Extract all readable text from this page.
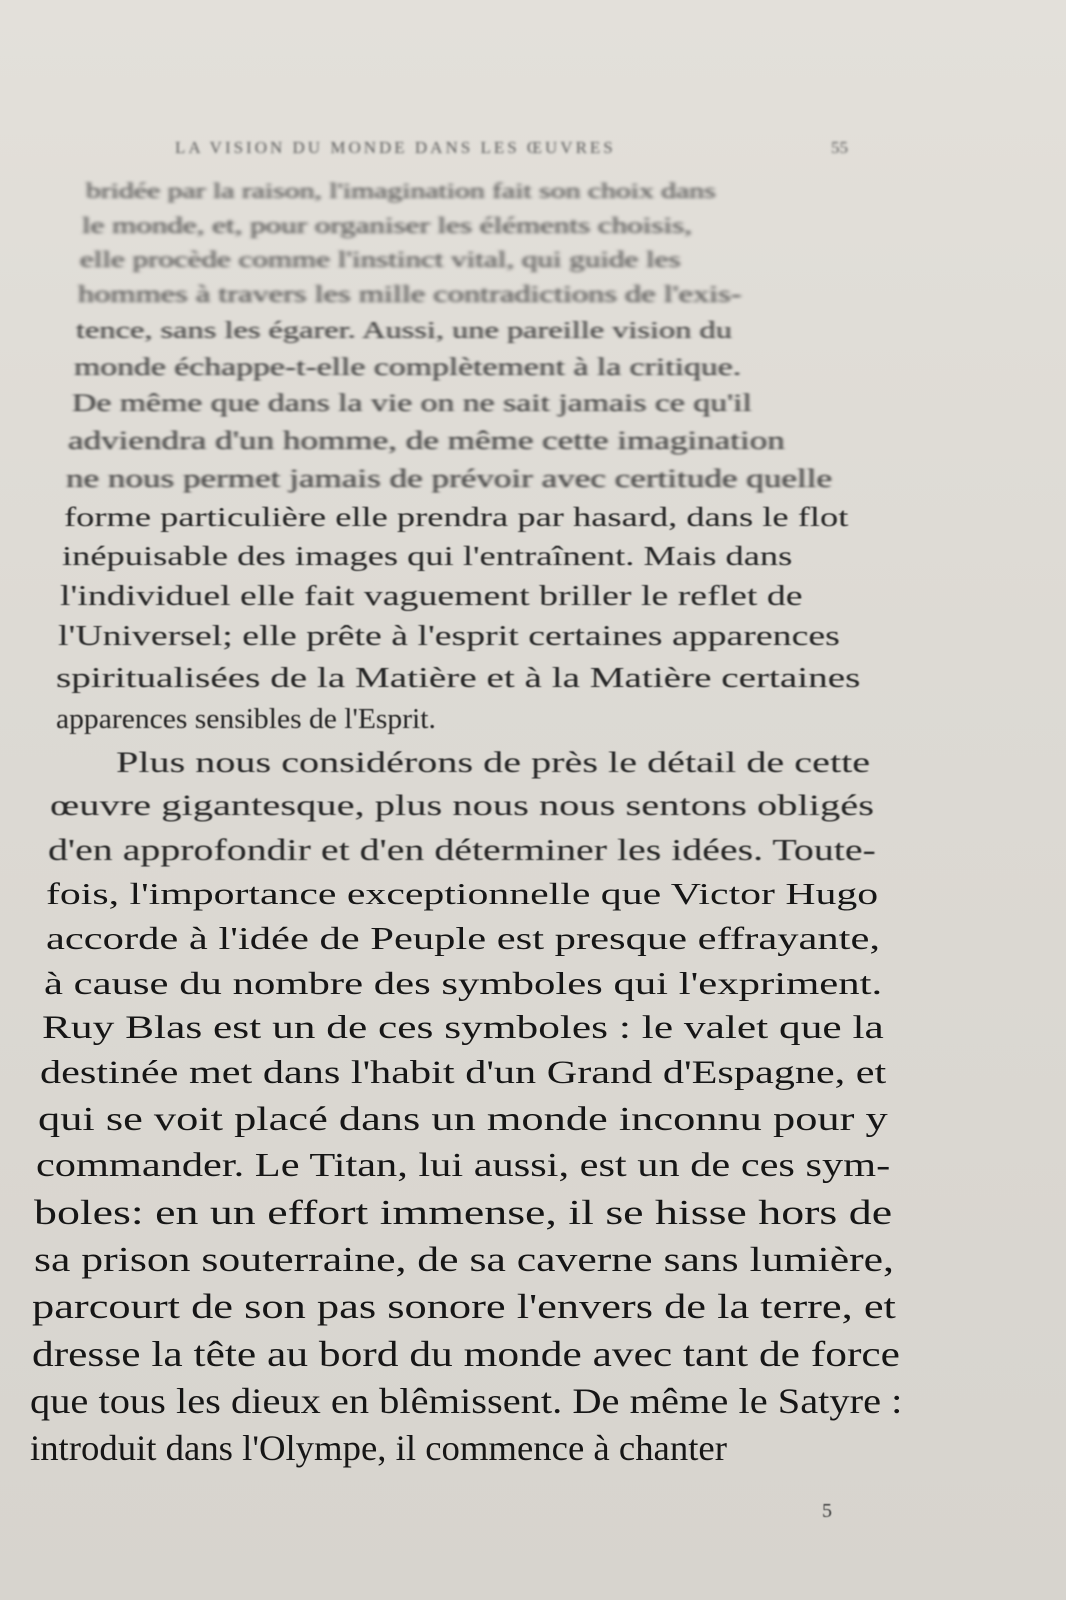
LA VISION DU MONDE DANS LES ŒUVRES	55
bridée par la raison, l'imagination fait son choix dans
le monde, et, pour organiser les éléments choisis,
elle procède comme l'instinct vital, qui guide les
hommes à travers les mille contradictions de l'exis-
tence, sans les égarer. Aussi, une pareille vision du
monde échappe-t-elle complètement à la critique.
De même que dans la vie on ne sait jamais ce qu'il
adviendra d'un homme, de même cette imagination
ne nous permet jamais de prévoir avec certitude quelle
forme particulière elle prendra par hasard, dans le flot
inépuisable des images qui l'entraînent. Mais dans
l'individuel elle fait vaguement briller le reflet de
l'Universel; elle prête à l'esprit certaines apparences
spiritualisées de la Matière et à la Matière certaines
apparences sensibles de l'Esprit.
Plus nous considérons de près le détail de cette
œuvre gigantesque, plus nous nous sentons obligés
d'en approfondir et d'en déterminer les idées. Toute-
fois, l'importance exceptionnelle que Victor Hugo
accorde à l'idée de Peuple est presque effrayante,
à cause du nombre des symboles qui l'expriment.
Ruy Blas est un de ces symboles : le valet que la
destinée met dans l'habit d'un Grand d'Espagne, et
qui se voit placé dans un monde inconnu pour y
commander. Le Titan, lui aussi, est un de ces sym-
boles: en un effort immense, il se hisse hors de
sa prison souterraine, de sa caverne sans lumière,
parcourt de son pas sonore l'envers de la terre, et
dresse la tête au bord du monde avec tant de force
que tous les dieux en blêmissent. De même le Satyre :
introduit dans l'Olympe, il commence à chanter
5
